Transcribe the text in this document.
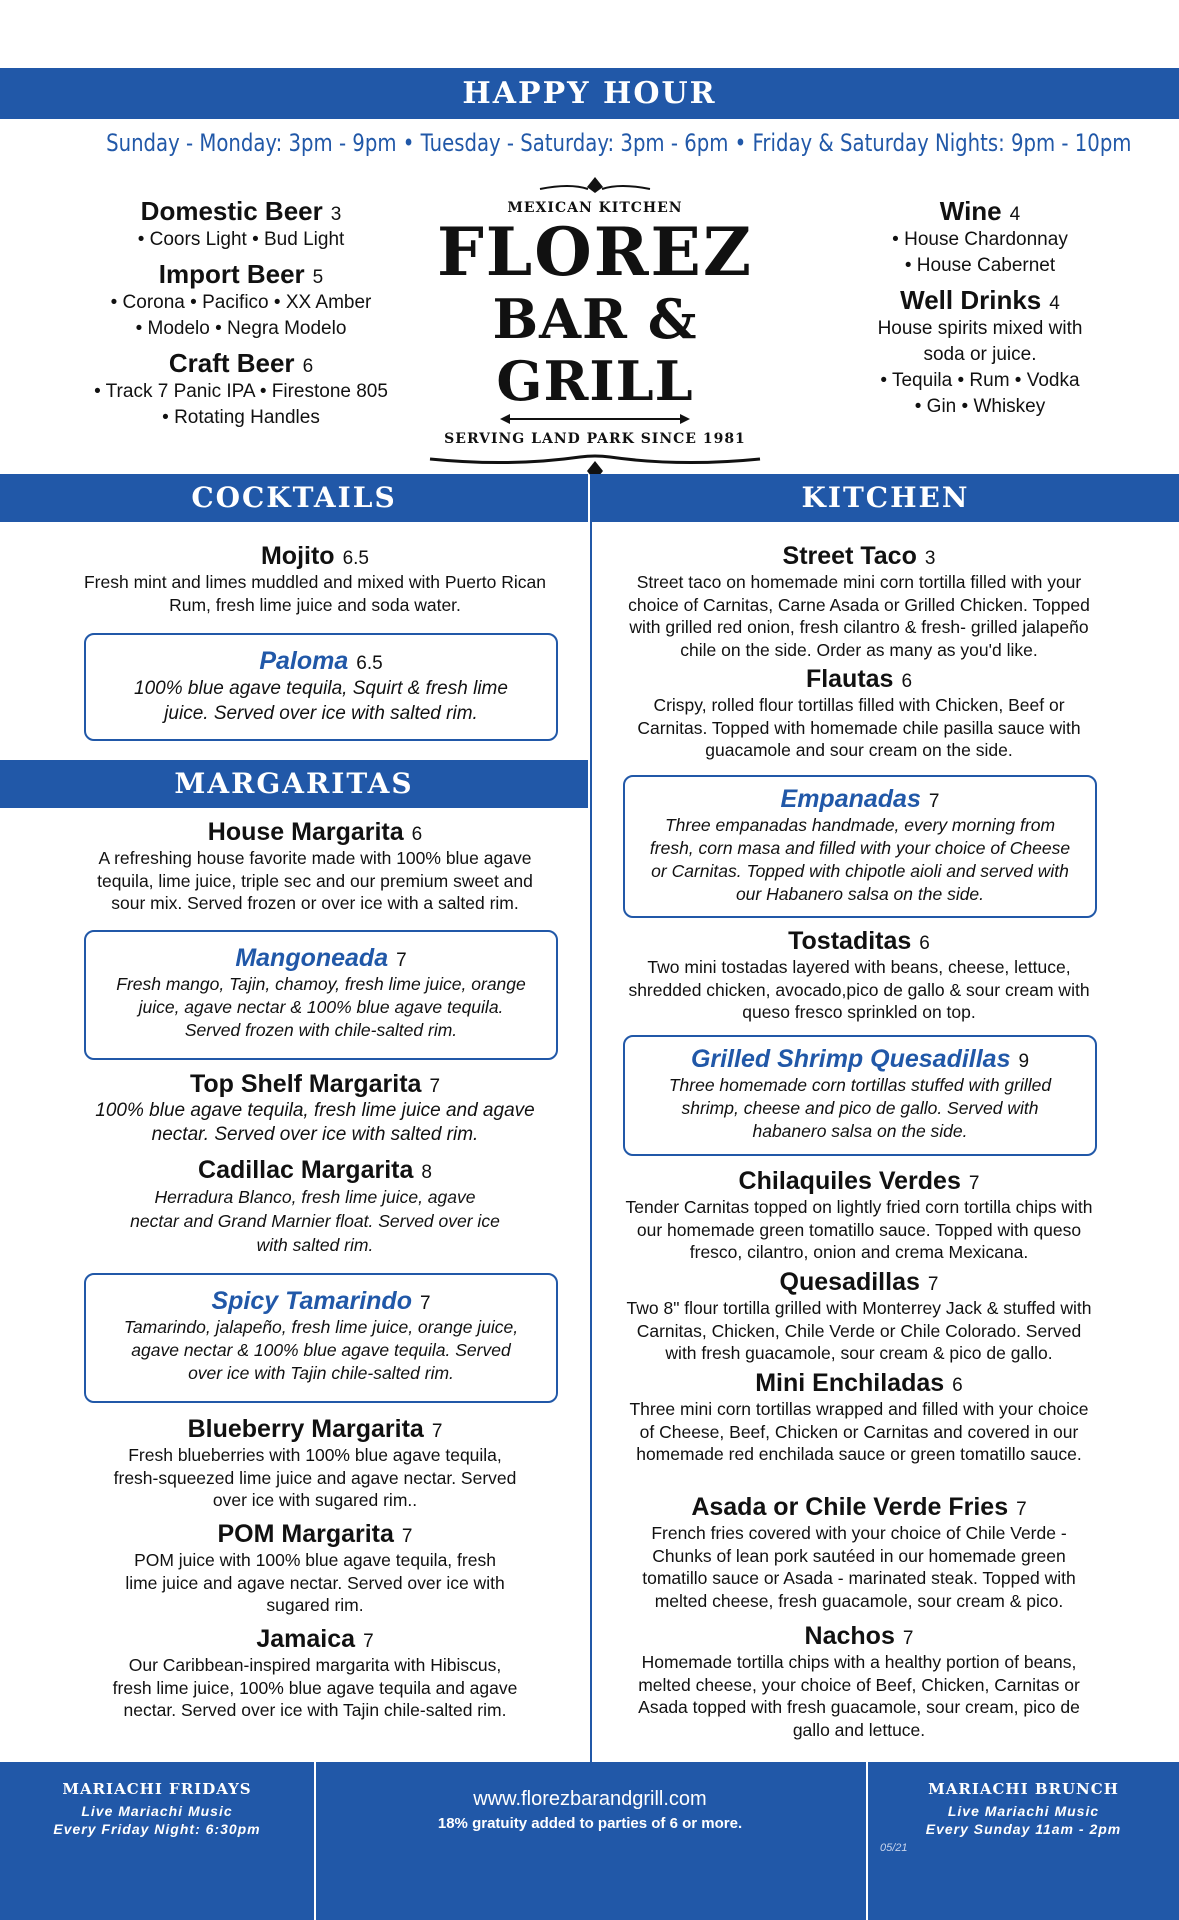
HAPPY HOUR
Sunday - Monday: 3pm - 9pm • Tuesday - Saturday: 3pm - 6pm • Friday & Saturday Nights: 9pm - 10pm
Domestic Beer 3
• Coors Light • Bud Light
Import Beer 5
• Corona • Pacifico • XX Amber
• Modelo • Negra Modelo
Craft Beer 6
• Track 7 Panic IPA • Firestone 805
• Rotating Handles
MEXICAN KITCHEN
FLOREZ
BAR & GRILL
SERVING LAND PARK SINCE 1981
Wine 4
• House Chardonnay
• House Cabernet
Well Drinks 4
House spirits mixed with
soda or juice.
• Tequila • Rum • Vodka
• Gin • Whiskey
COCKTAILS	KITCHEN
Mojito 6.5
Fresh mint and limes muddled and mixed with Puerto Rican Rum, fresh lime juice and soda water.
Paloma 6.5
100% blue agave tequila, Squirt & fresh lime juice. Served over ice with salted rim.
MARGARITAS
House Margarita 6
A refreshing house favorite made with 100% blue agave tequila, lime juice, triple sec and our premium sweet and sour mix. Served frozen or over ice with a salted rim.
Mangoneada 7
Fresh mango, Tajin, chamoy, fresh lime juice, orange juice, agave nectar & 100% blue agave tequila. Served frozen with chile-salted rim.
Top Shelf Margarita 7
100% blue agave tequila, fresh lime juice and agave nectar. Served over ice with salted rim.
Cadillac Margarita 8
Herradura Blanco, fresh lime juice, agave nectar and Grand Marnier float. Served over ice with salted rim.
Spicy Tamarindo 7
Tamarindo, jalapeño, fresh lime juice, orange juice, agave nectar & 100% blue agave tequila. Served over ice with Tajin chile-salted rim.
Blueberry Margarita 7
Fresh blueberries with 100% blue agave tequila, fresh-squeezed lime juice and agave nectar. Served over ice with sugared rim..
POM Margarita 7
POM juice with 100% blue agave tequila, fresh lime juice and agave nectar. Served over ice with sugared rim.
Jamaica 7
Our Caribbean-inspired margarita with Hibiscus, fresh lime juice, 100% blue agave tequila and agave nectar. Served over ice with Tajin chile-salted rim.
Street Taco 3
Street taco on homemade mini corn tortilla filled with your choice of Carnitas, Carne Asada or Grilled Chicken. Topped with grilled red onion, fresh cilantro & fresh- grilled jalapeño chile on the side. Order as many as you'd like.
Flautas 6
Crispy, rolled flour tortillas filled with Chicken, Beef or Carnitas. Topped with homemade chile pasilla sauce with guacamole and sour cream on the side.
Empanadas 7
Three empanadas handmade, every morning from fresh, corn masa and filled with your choice of Cheese or Carnitas. Topped with chipotle aioli and served with our Habanero salsa on the side.
Tostaditas 6
Two mini tostadas layered with beans, cheese, lettuce, shredded chicken, avocado,pico de gallo & sour cream with queso fresco sprinkled on top.
Grilled Shrimp Quesadillas 9
Three homemade corn tortillas stuffed with grilled shrimp, cheese and pico de gallo. Served with habanero salsa on the side.
Chilaquiles Verdes 7
Tender Carnitas topped on lightly fried corn tortilla chips with our homemade green tomatillo sauce. Topped with queso fresco, cilantro, onion and crema Mexicana.
Quesadillas 7
Two 8" flour tortilla grilled with Monterrey Jack & stuffed with Carnitas, Chicken, Chile Verde or Chile Colorado. Served with fresh guacamole, sour cream & pico de gallo.
Mini Enchiladas 6
Three mini corn tortillas wrapped and filled with your choice of Cheese, Beef, Chicken or Carnitas and covered in our homemade red enchilada sauce or green tomatillo sauce.
Asada or Chile Verde Fries 7
French fries covered with your choice of Chile Verde - Chunks of lean pork sautéed in our homemade green tomatillo sauce or Asada - marinated steak. Topped with melted cheese, fresh guacamole, sour cream & pico.
Nachos 7
Homemade tortilla chips with a healthy portion of beans, melted cheese, your choice of Beef, Chicken, Carnitas or Asada topped with fresh guacamole, sour cream, pico de gallo and lettuce.
MARIACHI FRIDAYS
Live Mariachi Music
Every Friday Night: 6:30pm
www.florezbarandgrill.com
18% gratuity added to parties of 6 or more.
MARIACHI BRUNCH
Live Mariachi Music
Every Sunday 11am - 2pm
05/21
